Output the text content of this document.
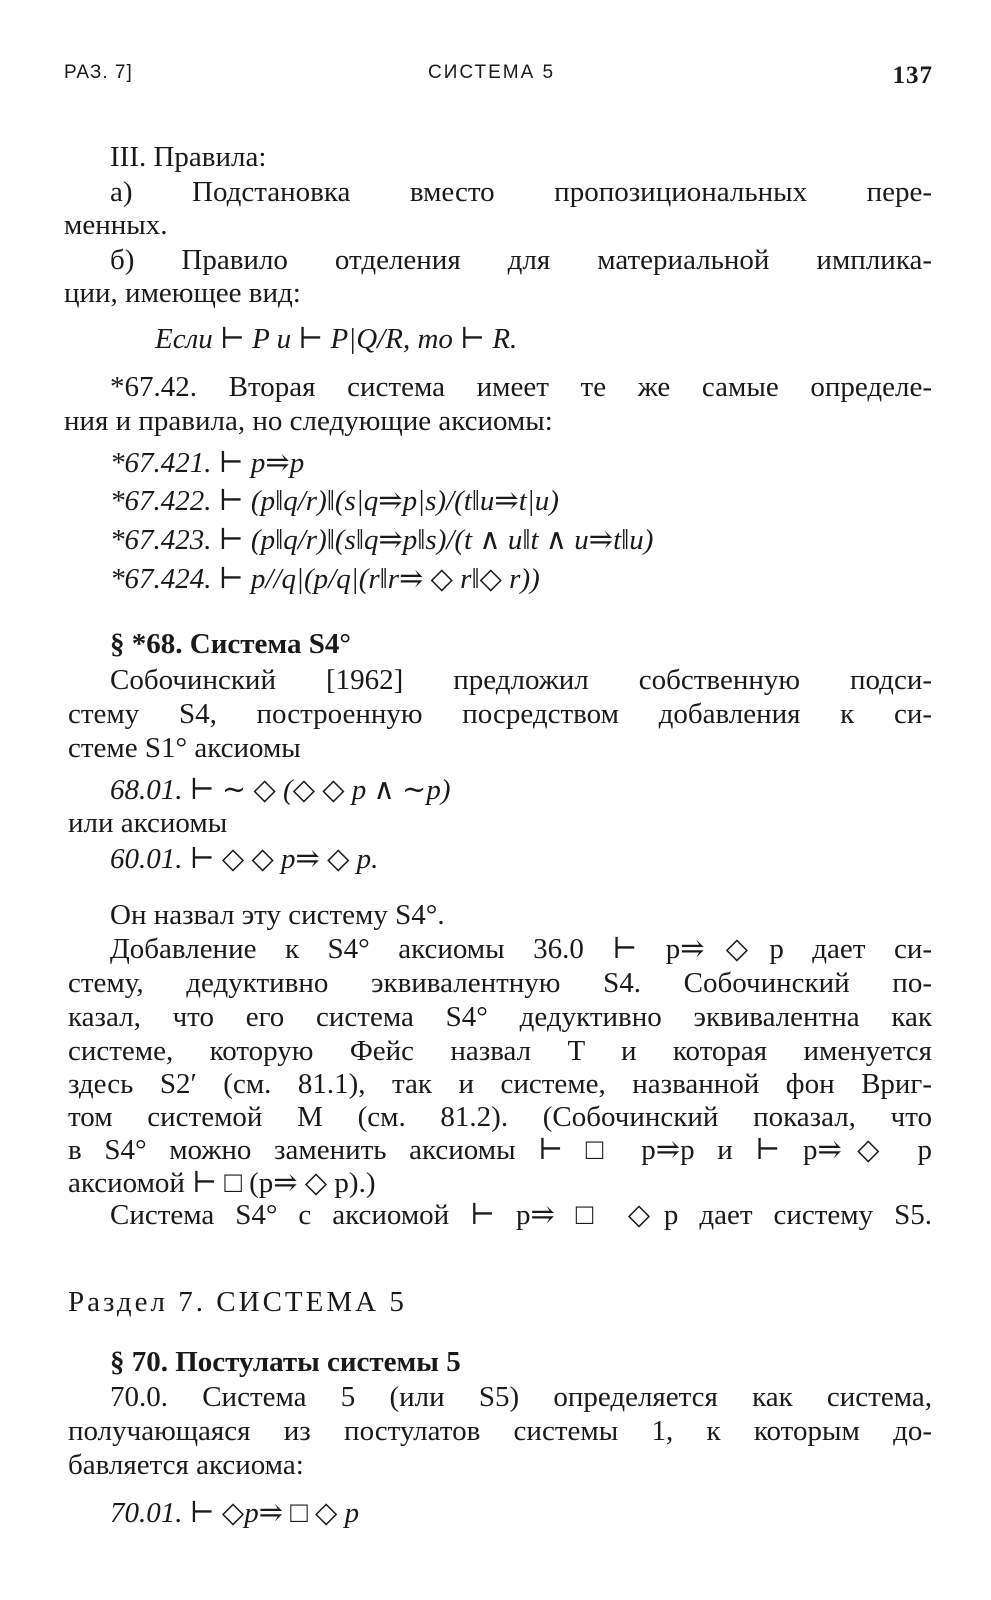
РАЗ. 7]	СИСТЕМА 5	137
III. Правила:
а) Подстановка вместо пропозициональных пере-
менных.
б) Правило отделения для материальной имплика-
ции, имеющее вид:
Если ⊢ P и ⊢ P|Q/R, то ⊢ R.
*67.42. Вторая система имеет те же самые определе-
ния и правила, но следующие аксиомы:
*67.421. ⊢ p⥤p
*67.422. ⊢ (p‖q/r)‖(s|q⥤p|s)/(t‖u⥤t|u)
*67.423. ⊢ (p‖q/r)‖(s‖q⥤p‖s)/(t ∧ u‖t ∧ u⥤t‖u)
*67.424. ⊢ p//q|(p/q|(r‖r⥤ ◇ r‖◇ r))
§ *68. Система S4°
Собочинский [1962] предложил собственную подси-
стему S4, построенную посредством добавления к си-
стеме S1° аксиомы
68.01. ⊢ ∼ ◇ (◇ ◇ p ∧ ∼p)
или аксиомы
60.01. ⊢ ◇ ◇ p⥤ ◇ p.
Он назвал эту систему S4°.
Добавление к S4° аксиомы 36.0 ⊢ p⥤◇p дает си-
стему, дедуктивно эквивалентную S4. Собочинский по-
казал, что его система S4° дедуктивно эквивалентна как
системе, которую Фейс назвал T и которая именуется
здесь S2′ (см. 81.1), так и системе, названной фон Вриг-
том системой M (см. 81.2). (Собочинский показал, что
в S4° можно заменить аксиомы ⊢ □ p⥤p и ⊢ p⥤◇ p
аксиомой ⊢ □ (p⥤ ◇ p).)
Система S4° с аксиомой ⊢ p⥤ □ ◇p дает систему S5.
Раздел 7. СИСТЕМА 5
§ 70. Постулаты системы 5
70.0. Система 5 (или S5) определяется как система,
получающаяся из постулатов системы 1, к которым до-
бавляется аксиома:
70.01. ⊢ ◇p⥤ □ ◇ p
